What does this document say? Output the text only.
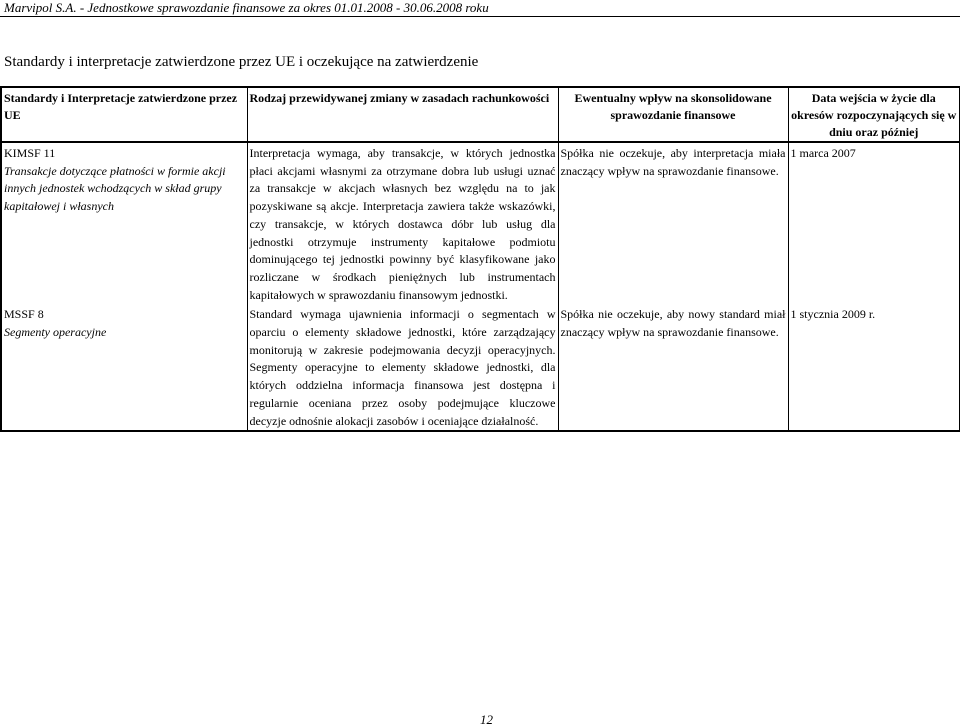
Marvipol S.A. - Jednostkowe sprawozdanie finansowe za okres 01.01.2008 - 30.06.2008 roku
Standardy i interpretacje zatwierdzone przez UE i oczekujące na zatwierdzenie
Standardy i Interpretacje zatwierdzone przez UE	Rodzaj przewidywanej zmiany w zasadach rachunkowości	Ewentualny wpływ na skonsolidowane sprawozdanie finansowe	Data wejścia w życie dla okresów rozpoczynających się w dniu oraz później

KIMSF 11
Transakcje dotyczące płatności w formie akcji innych jednostek wchodzących w skład grupy kapitałowej i własnych	Interpretacja wymaga, aby transakcje, w których jednostka płaci akcjami własnymi za otrzymane dobra lub usługi uznać za transakcje w akcjach własnych bez względu na to jak pozyskiwane są akcje. Interpretacja zawiera także wskazówki, czy transakcje, w których dostawca dóbr lub usług dla jednostki otrzymuje instrumenty kapitałowe podmiotu dominującego tej jednostki powinny być klasyfikowane jako rozliczane w środkach pieniężnych lub instrumentach kapitałowych w sprawozdaniu finansowym jednostki.	Spółka nie oczekuje, aby interpretacja miała znaczący wpływ na sprawozdanie finansowe.	1 marca 2007

MSSF 8
Segmenty operacyjne	Standard wymaga ujawnienia informacji o segmentach w oparciu o elementy składowe jednostki, które zarządzający monitorują w zakresie podejmowania decyzji operacyjnych. Segmenty operacyjne to elementy składowe jednostki, dla których oddzielna informacja finansowa jest dostępna i regularnie oceniana przez osoby podejmujące kluczowe decyzje odnośnie alokacji zasobów i oceniające działalność.	Spółka nie oczekuje, aby nowy standard miał znaczący wpływ na sprawozdanie finansowe.	1 stycznia 2009 r.
12
